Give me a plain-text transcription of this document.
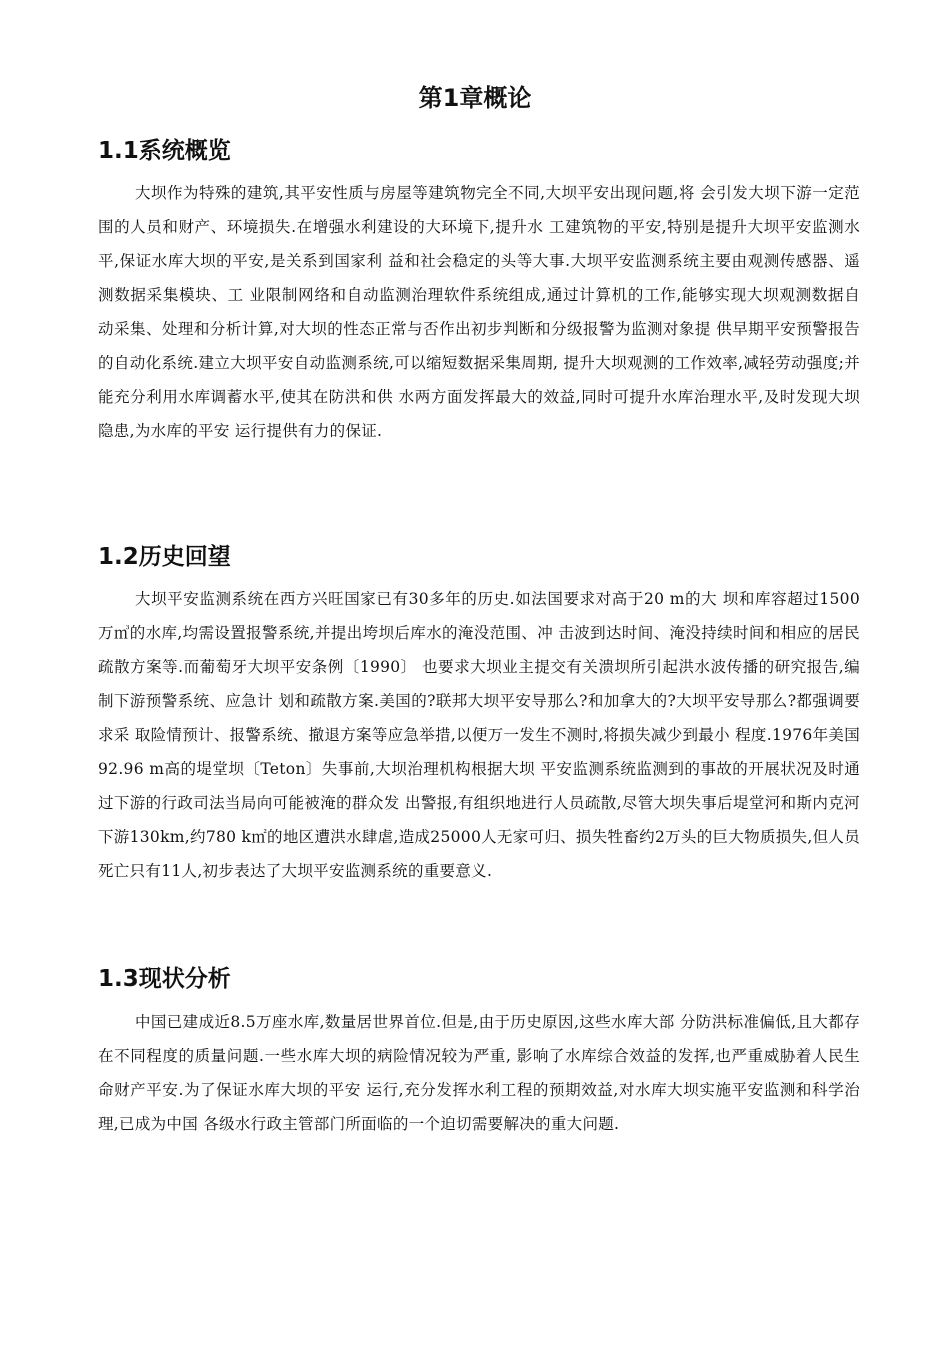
第1章概论
1.1系统概览

大坝作为特殊的建筑,其平安性质与房屋等建筑物完全不同,大坝平安出现问题,将 会引发大坝下游一定范围的人员和财产、环境损失.在增强水利建设的大环境下,提升水 工建筑物的平安,特别是提升大坝平安监测水平,保证水库大坝的平安,是关系到国家利 益和社会稳定的头等大事.大坝平安监测系统主要由观测传感器、遥测数据采集模块、工 业限制网络和自动监测治理软件系统组成,通过计算机的工作,能够实现大坝观测数据自 动采集、处理和分析计算,对大坝的性态正常与否作出初步判断和分级报警为监测对象提 供早期平安预警报告的自动化系统.建立大坝平安自动监测系统,可以缩短数据采集周期, 提升大坝观测的工作效率,减轻劳动强度;并能充分利用水库调蓄水平,使其在防洪和供 水两方面发挥最大的效益,同时可提升水库治理水平,及时发现大坝隐患,为水库的平安 运行提供有力的保证.

1.2历史回望

大坝平安监测系统在西方兴旺国家已有30多年的历史.如法国要求对高于20 m的大 坝和库容超过1500万㎥的水库,均需设置报警系统,并提出垮坝后库水的淹没范围、冲 击波到达时间、淹没持续时间和相应的居民疏散方案等.而葡萄牙大坝平安条例〔1990〕 也要求大坝业主提交有关溃坝所引起洪水波传播的研究报告,编制下游预警系统、应急计 划和疏散方案.美国的?联邦大坝平安导那么?和加拿大的?大坝平安导那么?都强调要求采 取险情预计、报警系统、撤退方案等应急举措,以便万一发生不测时,将损失减少到最小 程度.1976年美国92.96 m高的堤堂坝〔Teton〕失事前,大坝治理机构根据大坝 平安监测系统监测到的事故的开展状况及时通过下游的行政司法当局向可能被淹的群众发 出警报,有组织地进行人员疏散,尽管大坝失事后堤堂河和斯内克河下游130km,约780 k㎡的地区遭洪水肆虐,造成25000人无家可归、损失牲畜约2万头的巨大物质损失,但人员 死亡只有11人,初步表达了大坝平安监测系统的重要意义.

1.3现状分析

中国已建成近8.5万座水库,数量居世界首位.但是,由于历史原因,这些水库大部 分防洪标准偏低,且大都存在不同程度的质量问题.一些水库大坝的病险情况较为严重, 影响了水库综合效益的发挥,也严重威胁着人民生命财产平安.为了保证水库大坝的平安 运行,充分发挥水利工程的预期效益,对水库大坝实施平安监测和科学治理,已成为中国 各级水行政主管部门所面临的一个迫切需要解决的重大问题.
